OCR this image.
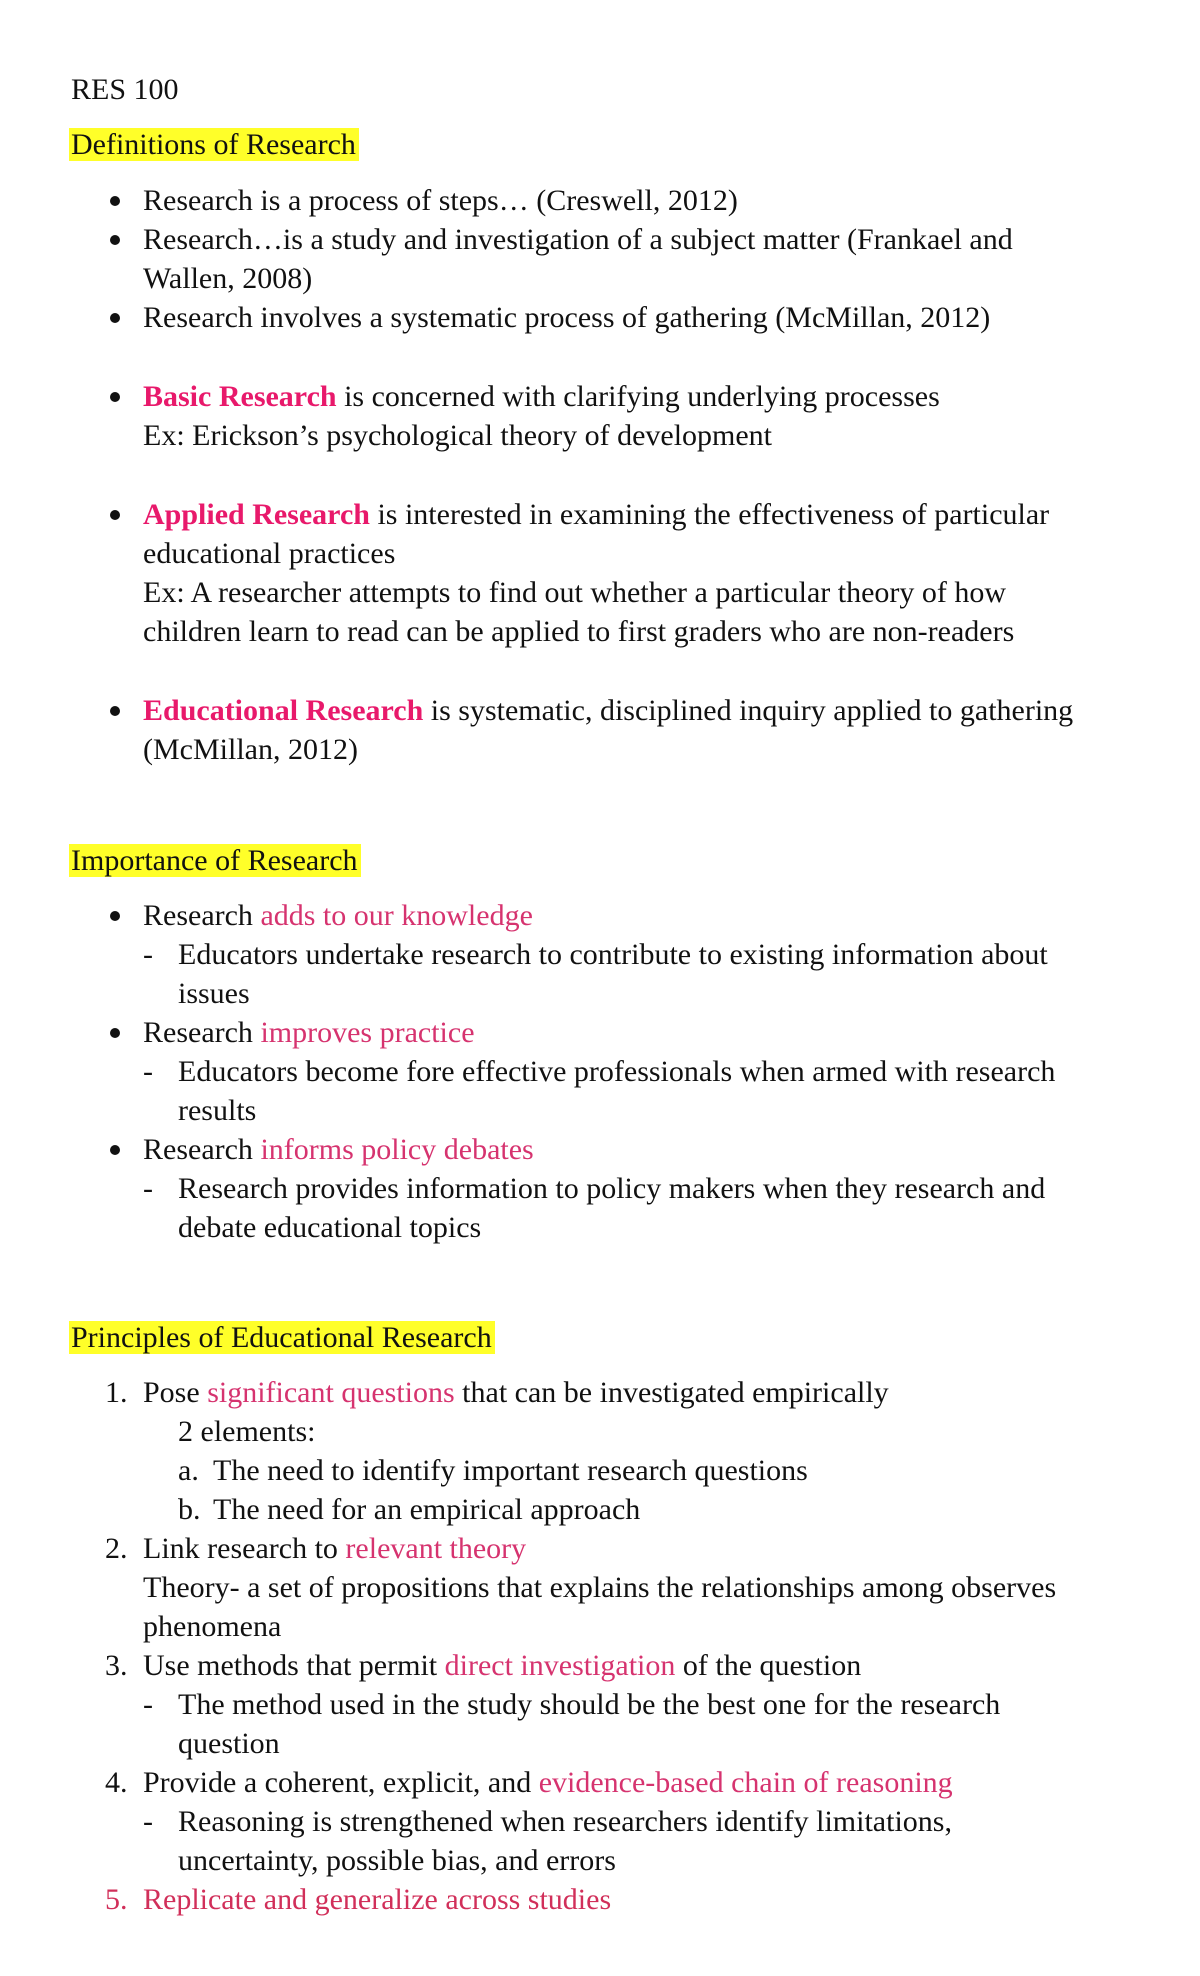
RES 100
Definitions of Research
Research is a process of steps… (Creswell, 2012)
Research…is a study and investigation of a subject matter (Frankael and
Wallen, 2008)
Research involves a systematic process of gathering (McMillan, 2012)
Basic Research is concerned with clarifying underlying processes
Ex: Erickson’s psychological theory of development
Applied Research is interested in examining the effectiveness of particular
educational practices
Ex: A researcher attempts to find out whether a particular theory of how
children learn to read can be applied to first graders who are non-readers
Educational Research is systematic, disciplined inquiry applied to gathering
(McMillan, 2012)
Importance of Research
Research adds to our knowledge
- Educators undertake research to contribute to existing information about
issues
Research improves practice
- Educators become fore effective professionals when armed with research
results
Research informs policy debates
- Research provides information to policy makers when they research and
debate educational topics
Principles of Educational Research
1. Pose significant questions that can be investigated empirically
2 elements:
a. The need to identify important research questions
b. The need for an empirical approach
2. Link research to relevant theory
Theory- a set of propositions that explains the relationships among observes
phenomena
3. Use methods that permit direct investigation of the question
- The method used in the study should be the best one for the research
question
4. Provide a coherent, explicit, and evidence-based chain of reasoning
- Reasoning is strengthened when researchers identify limitations,
uncertainty, possible bias, and errors
5. Replicate and generalize across studies
